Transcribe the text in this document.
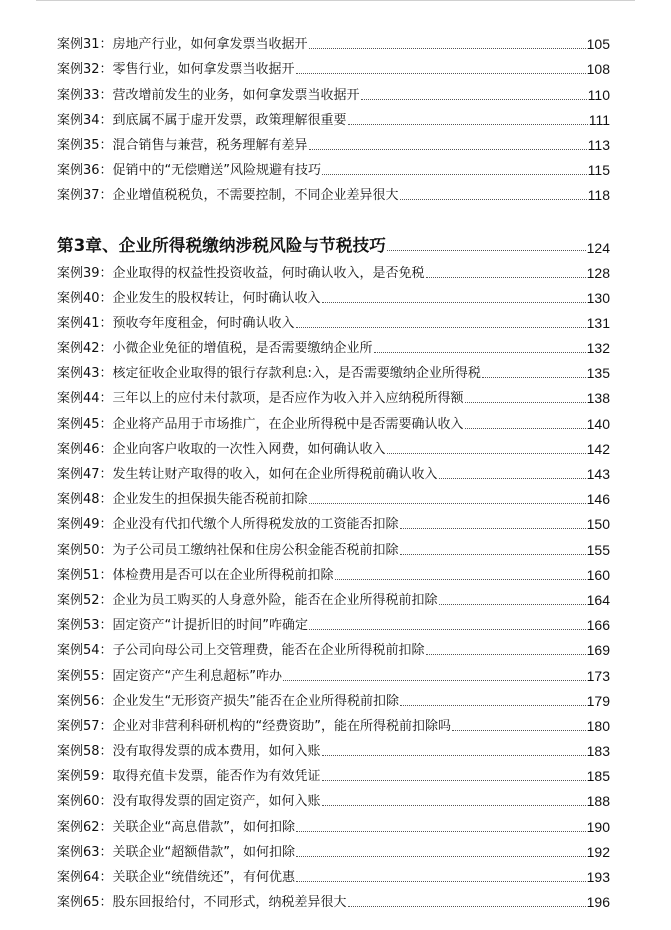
案例31：房地产行业，如何拿发票当收据开	105
案例32：零售行业，如何拿发票当收据开	108
案例33：营改增前发生的业务，如何拿发票当收据开	110
案例34：到底属不属于虚开发票，政策理解很重要	111
案例35：混合销售与兼营，税务理解有差异	113
案例36：促销中的“无偿赠送”风险规避有技巧	115
案例37：企业增值税税负，不需要控制，不同企业差异很大	118
第3章、企业所得税缴纳涉税风险与节税技巧	124
案例39：企业取得的权益性投资收益，何时确认收入，是否免税	128
案例40：企业发生的股权转让，何时确认收入	130
案例41：预收夸年度租金，何时确认收入	131
案例42：小微企业免征的增值税，是否需要缴纳企业所	132
案例43：核定征收企业取得的银行存款利息:入，是否需要缴纳企业所得税	135
案例44：三年以上的应付未付款项，是否应作为收入并入应纳税所得额	138
案例45：企业将产品用于市场推广，在企业所得税中是否需要确认收入	140
案例46：企业向客户收取的一次性入网费，如何确认收入	142
案例47：发生转让财产取得的收入，如何在企业所得税前确认收入	143
案例48：企业发生的担保损失能否税前扣除	146
案例49：企业没有代扣代缴个人所得税发放的工资能否扣除	150
案例50：为子公司员工缴纳社保和住房公积金能否税前扣除	155
案例51：体检费用是否可以在企业所得税前扣除	160
案例52：企业为员工购买的人身意外险，能否在企业所得税前扣除	164
案例53：固定资产“计提折旧的时间”咋确定	166
案例54：子公司向母公司上交管理费，能否在企业所得税前扣除	169
案例55：固定资产“产生利息超标”咋办	173
案例56：企业发生“无形资产损失”能否在企业所得税前扣除	179
案例57：企业对非营利科研机构的“经费资助”，能在所得税前扣除吗	180
案例58：没有取得发票的成本费用，如何入账	183
案例59：取得充值卡发票，能否作为有效凭证	185
案例60：没有取得发票的固定资产，如何入账	188
案例62：关联企业“高息借款”，如何扣除	190
案例63：关联企业“超额借款”，如何扣除	192
案例64：关联企业“统借统还”，有何优惠	193
案例65：股东回报给付，不同形式，纳税差异很大	196
